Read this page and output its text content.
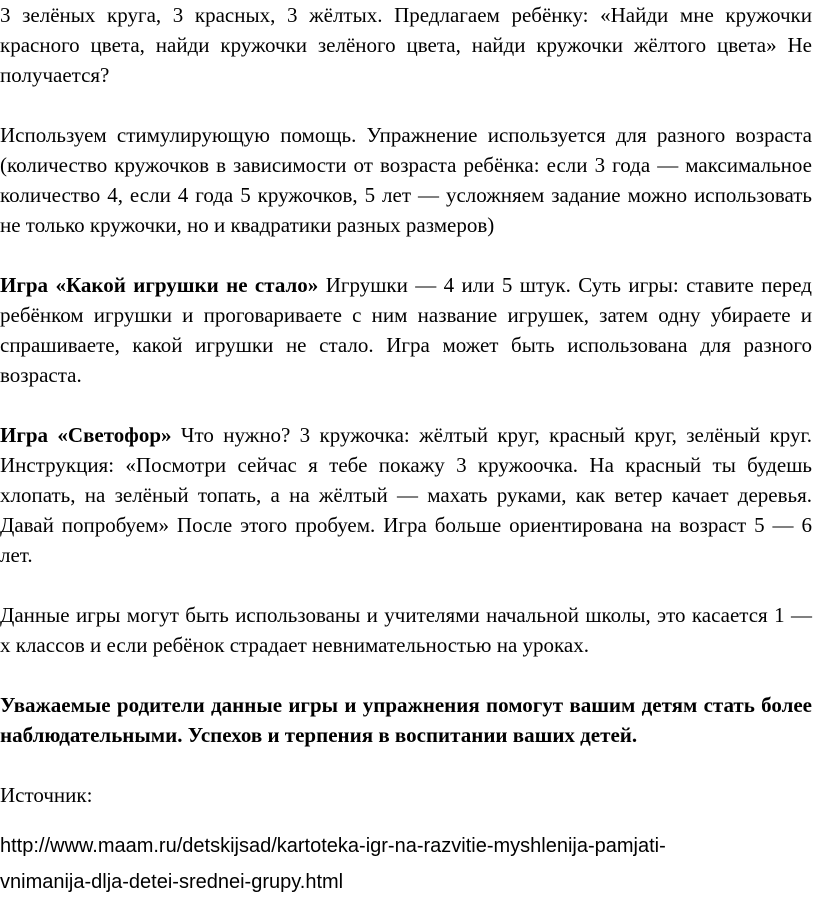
3 зелёных круга, 3 красных, 3 жёлтых. Предлагаем ребёнку: «Найди мне кружочки красного цвета, найди кружочки зелёного цвета, найди кружочки жёлтого цвета» Не получается?

Используем стимулирующую помощь. Упражнение используется для разного возраста (количество кружочков в зависимости от возраста ребёнка: если 3 года — максимальное количество 4, если 4 года 5 кружочков, 5 лет — усложняем задание можно использовать не только кружочки, но и квадратики разных размеров)

Игра «Какой игрушки не стало» Игрушки — 4 или 5 штук. Суть игры: ставите перед ребёнком игрушки и проговариваете с ним название игрушек, затем одну убираете и спрашиваете, какой игрушки не стало. Игра может быть использована для разного возраста.

Игра «Светофор» Что нужно? 3 кружочка: жёлтый круг, красный круг, зелёный круг. Инструкция: «Посмотри сейчас я тебе покажу 3 кружоочка. На красный ты будешь хлопать, на зелёный топать, а на жёлтый — махать руками, как ветер качает деревья. Давай попробуем» После этого пробуем. Игра больше ориентирована на возраст 5 — 6 лет.

Данные игры могут быть использованы и учителями начальной школы, это касается 1 — х классов и если ребёнок страдает невнимательностью на уроках.

Уважаемые родители данные игры и упражнения помогут вашим детям стать более наблюдательными. Успехов и терпения в воспитании ваших детей.

Источник:

http://www.maam.ru/detskijsad/kartoteka-igr-na-razvitie-myshlenija-pamjati-
vnimanija-dlja-detei-srednei-grupy.html
